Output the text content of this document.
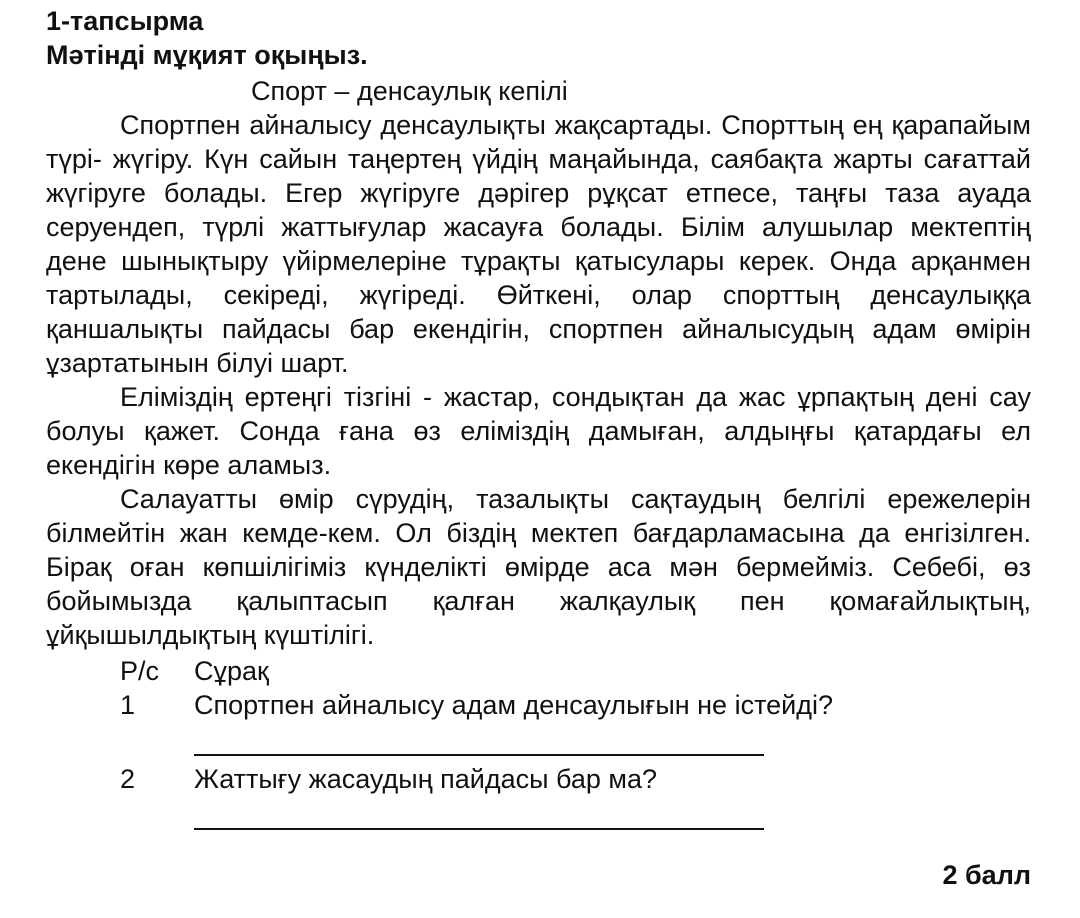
1-тапсырма
Мәтінді мұқият оқыңыз.
Спорт – денсаулық кепілі

Спортпен айналысу денсаулықты жақсартады. Спорттың ең қарапайым түрі- жүгіру. Күн сайын таңертең үйдің маңайында, саябақта жарты сағаттай жүгіруге болады. Егер жүгіруге дәрігер рұқсат етпесе, таңғы таза ауада серуендеп, түрлі жаттығулар жасауға болады. Білім алушылар мектептің дене шынықтыру үйірмелеріне тұрақты қатысулары керек. Онда арқанмен тартылады, секіреді, жүгіреді. Өйткені, олар спорттың денсаулыққа қаншалықты пайдасы бар екендігін, спортпен айналысудың адам өмірін ұзартатынын білуі шарт.

Еліміздің ертеңгі тізгіні - жастар, сондықтан да жас ұрпақтың дені сау болуы қажет. Сонда ғана өз еліміздің дамыған, алдыңғы қатардағы ел екендігін көре аламыз.

Салауатты өмір сүрудің, тазалықты сақтаудың белгілі ережелерін білмейтін жан кемде-кем. Ол біздің мектеп бағдарламасына да енгізілген. Бірақ оған көпшілігіміз күнделікті өмірде аса мән бермейміз. Себебі, өз бойымызда қалыптасып қалған жалқаулық пен қомағайлықтың, ұйқышылдықтың күштілігі.

Р/с	Сұрақ
1	Спортпен айналысу адам денсаулығын не істейді?
2	Жаттығу жасаудың пайдасы бар ма?
2 балл
